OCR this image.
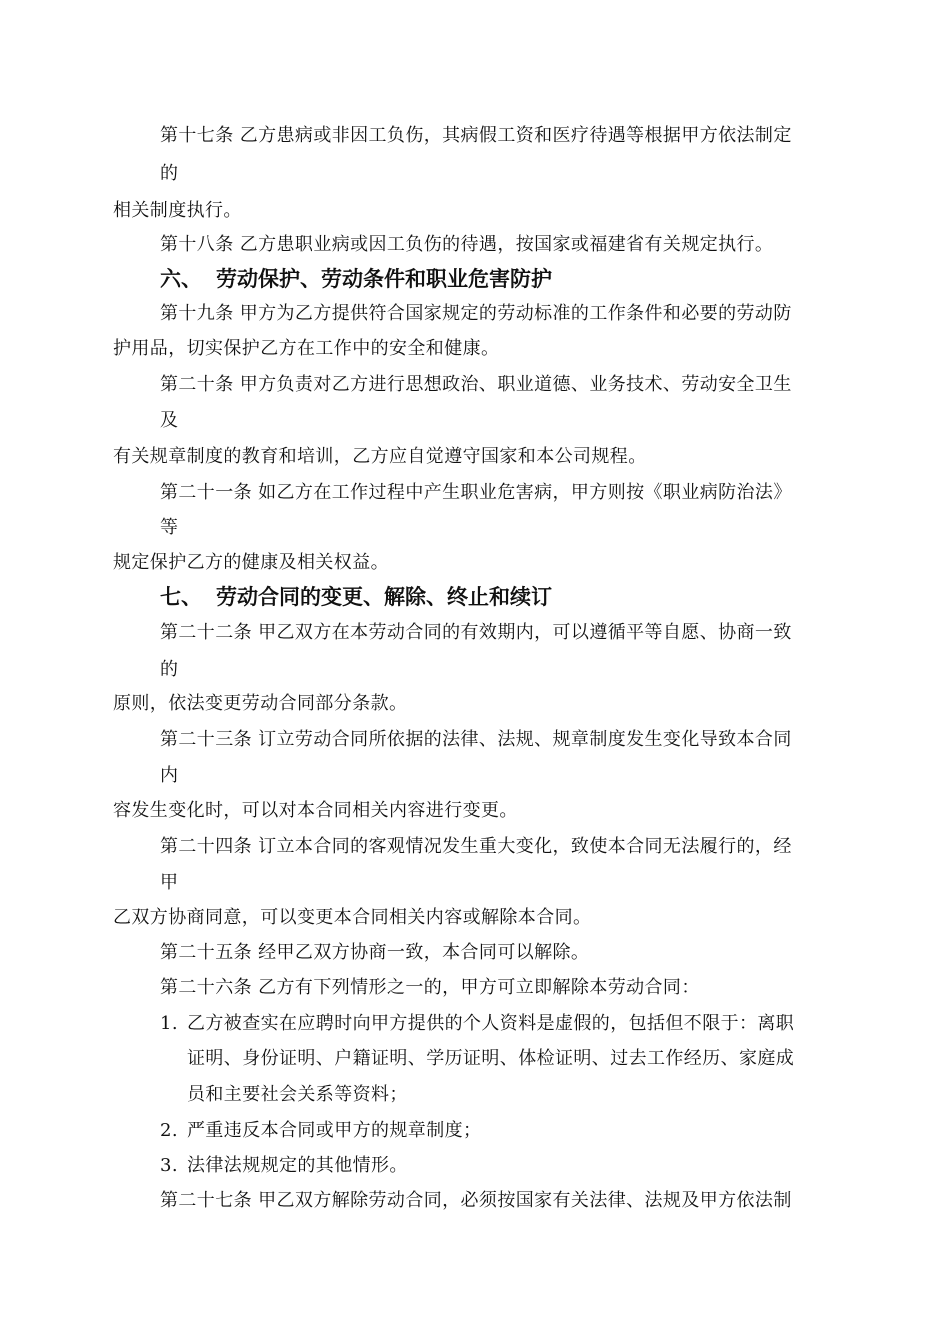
第十七条 乙方患病或非因工负伤，其病假工资和医疗待遇等根据甲方依法制定
的
相关制度执行。
第十八条 乙方患职业病或因工负伤的待遇，按国家或福建省有关规定执行。
六、 劳动保护、劳动条件和职业危害防护
第十九条 甲方为乙方提供符合国家规定的劳动标准的工作条件和必要的劳动防
护用品，切实保护乙方在工作中的安全和健康。
第二十条 甲方负责对乙方进行思想政治、职业道德、业务技术、劳动安全卫生
及
有关规章制度的教育和培训，乙方应自觉遵守国家和本公司规程。
第二十一条 如乙方在工作过程中产生职业危害病，甲方则按《职业病防治法》
等
规定保护乙方的健康及相关权益。
七、 劳动合同的变更、解除、终止和续订
第二十二条 甲乙双方在本劳动合同的有效期内，可以遵循平等自愿、协商一致
的
原则，依法变更劳动合同部分条款。
第二十三条 订立劳动合同所依据的法律、法规、规章制度发生变化导致本合同
内
容发生变化时，可以对本合同相关内容进行变更。
第二十四条 订立本合同的客观情况发生重大变化，致使本合同无法履行的，经
甲
乙双方协商同意，可以变更本合同相关内容或解除本合同。
第二十五条 经甲乙双方协商一致，本合同可以解除。
第二十六条 乙方有下列情形之一的，甲方可立即解除本劳动合同：
1. 乙方被查实在应聘时向甲方提供的个人资料是虚假的，包括但不限于：离职
证明、身份证明、户籍证明、学历证明、体检证明、过去工作经历、家庭成
员和主要社会关系等资料；
2. 严重违反本合同或甲方的规章制度；
3. 法律法规规定的其他情形。
第二十七条 甲乙双方解除劳动合同，必须按国家有关法律、法规及甲方依法制
